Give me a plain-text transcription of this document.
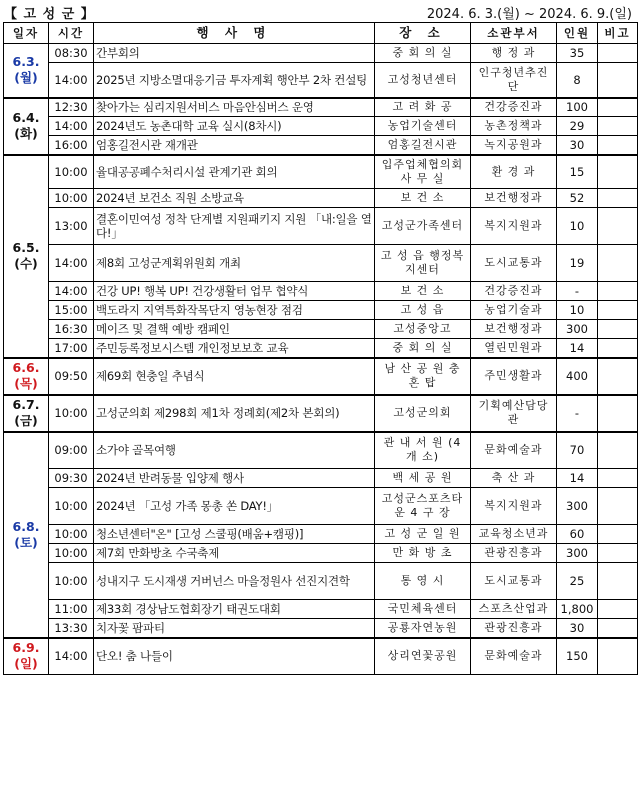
【 고 성 군 】	2024. 6. 3.(월) ~ 2024. 6. 9.(일)
일자	시간	행 사 명	장 소	소관부서	인원	비고

6.3.
(월)	08:30	간부회의	중 회 의 실	행 정 과	35	
	14:00	2025년 지방소멸대응기금 투자계획 행안부 2차 컨설팅	고성청년센터	인구청년추진단	8	

6.4.
(화)	12:30	찾아가는 심리지원서비스 마음안심버스 운영	고 려 화 공	건강증진과	100	
	14:00	2024년도 농촌대학 교육 실시(8차시)	농업기술센터	농촌정책과	29	
	16:00	엄홍길전시관 재개관	엄홍길전시관	녹지공원과	30	

6.5.
(수)	10:00	율대공공폐수처리시설 관계기관 회의	입주업체협의회 사 무 실	환 경 과	15	
	10:00	2024년 보건소 직원 소방교육	보 건 소	보건행정과	52	
	13:00	결혼이민여성 정착 단계별 지원패키지 지원 「내:일을 열다!」	고성군가족센터	복지지원과	10	
	14:00	제8회 고성군계획위원회 개최	고 성 읍 행정복지센터	도시교통과	19	
	14:00	건강 UP! 행복 UP! 건강생활터 업무 협약식	보 건 소	건강증진과	-	
	15:00	백도라지 지역특화작목단지 영농현장 점검	고 성 읍	농업기술과	10	
	16:30	메이즈 및 결핵 예방 캠페인	고성중앙고	보건행정과	300	
	17:00	주민등록정보시스템 개인정보보호 교육	중 회 의 실	열린민원과	14	

6.6.
(목)	09:50	제69회 현충일 추념식	남 산 공 원 충 혼 탑	주민생활과	400	

6.7.
(금)	10:00	고성군의회 제298회 제1차 정례회(제2차 본회의)	고성군의회	기획예산담당관	-	

6.8.
(토)	09:00	소가야 골목여행	관 내 서 원 (4 개 소)	문화예술과	70	
	09:30	2024년 반려동물 입양제 행사	백 세 공 원	축 산 과	14	
	10:00	2024년 「고성 가족 몽총 쏜 DAY!」	고성군스포츠타운 4 구 장	복지지원과	300	
	10:00	청소년센터"온" [고성 스쿨핑(배움+캠핑)]	고 성 군 일 원	교육청소년과	60	
	10:00	제7회 만화방초 수국축제	만 화 방 초	관광진흥과	300	
	10:00	성내지구 도시재생 거버넌스 마을정원사 선진지견학	통 영 시	도시교통과	25	
	11:00	제33회 경상남도협회장기 태권도대회	국민체육센터	스포츠산업과	1,800	
	13:30	치자꽃 팜파티	공룡자연농원	관광진흥과	30	

6.9.
(일)	14:00	단오! 춤 나들이	상리연꽃공원	문화예술과	150	
